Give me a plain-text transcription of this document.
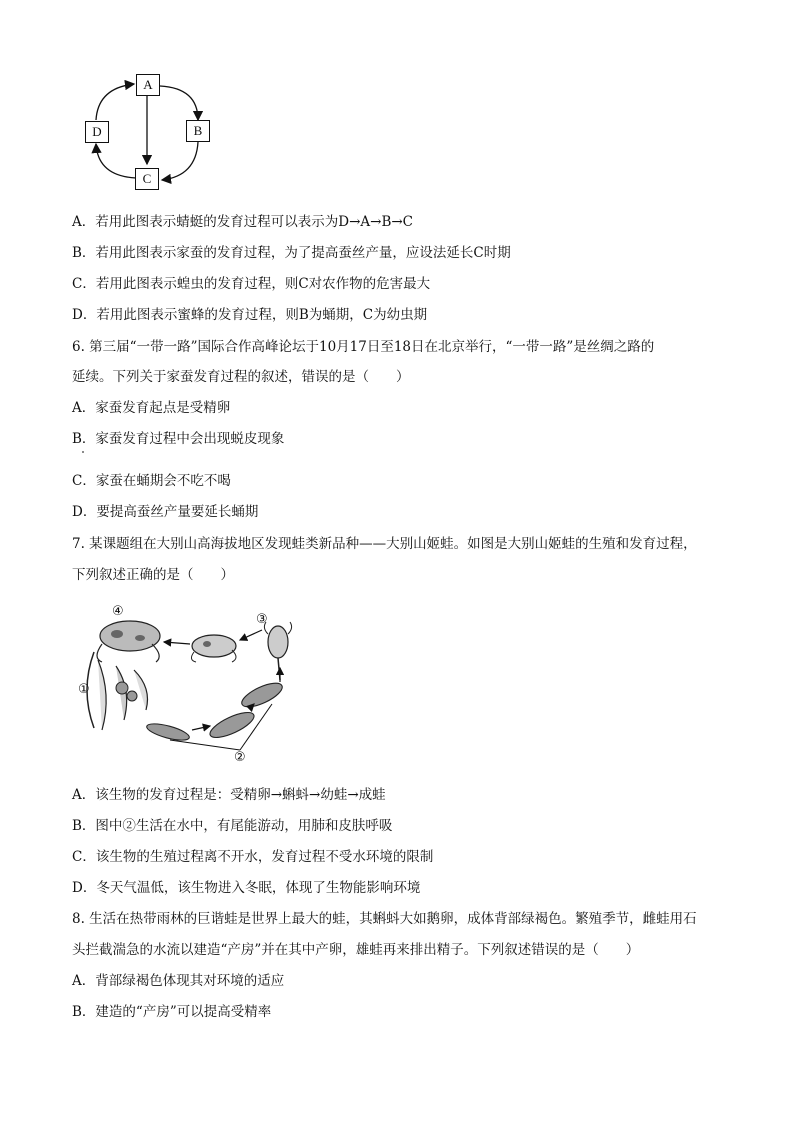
A
B
C
D
A．若用此图表示蜻蜓的发育过程可以表示为D→A→B→C
B．若用此图表示家蚕的发育过程，为了提高蚕丝产量，应设法延长C时期
C．若用此图表示蝗虫的发育过程，则C对农作物的危害最大
D．若用此图表示蜜蜂的发育过程，则B为蛹期，C为幼虫期
6. 第三届“一带一路”国际合作高峰论坛于10月17日至18日在北京举行，“一带一路”是丝绸之路的
延续。下列关于家蚕发育过程的叙述，错误的是（　　）
A．家蚕发育起点是受精卵
B．家蚕发育过程中会出现蜕皮现象
C．家蚕在蛹期会不吃不喝
D．要提高蚕丝产量要延长蛹期
7. 某课题组在大别山高海拔地区发现蛙类新品种——大别山姬蛙。如图是大别山姬蛙的生殖和发育过程，
下列叙述正确的是（　　）
④
③
①
②
A．该生物的发育过程是：受精卵→蝌蚪→幼蛙→成蛙
B．图中②生活在水中，有尾能游动，用肺和皮肤呼吸
C．该生物的生殖过程离不开水，发育过程不受水环境的限制
D．冬天气温低，该生物进入冬眠，体现了生物能影响环境
8. 生活在热带雨林的巨谐蛙是世界上最大的蛙，其蝌蚪大如鹅卵，成体背部绿褐色。繁殖季节，雌蛙用石
头拦截湍急的水流以建造“产房”并在其中产卵，雄蛙再来排出精子。下列叙述错误的是（　　）
A．背部绿褐色体现其对环境的适应
B．建造的“产房”可以提高受精率
